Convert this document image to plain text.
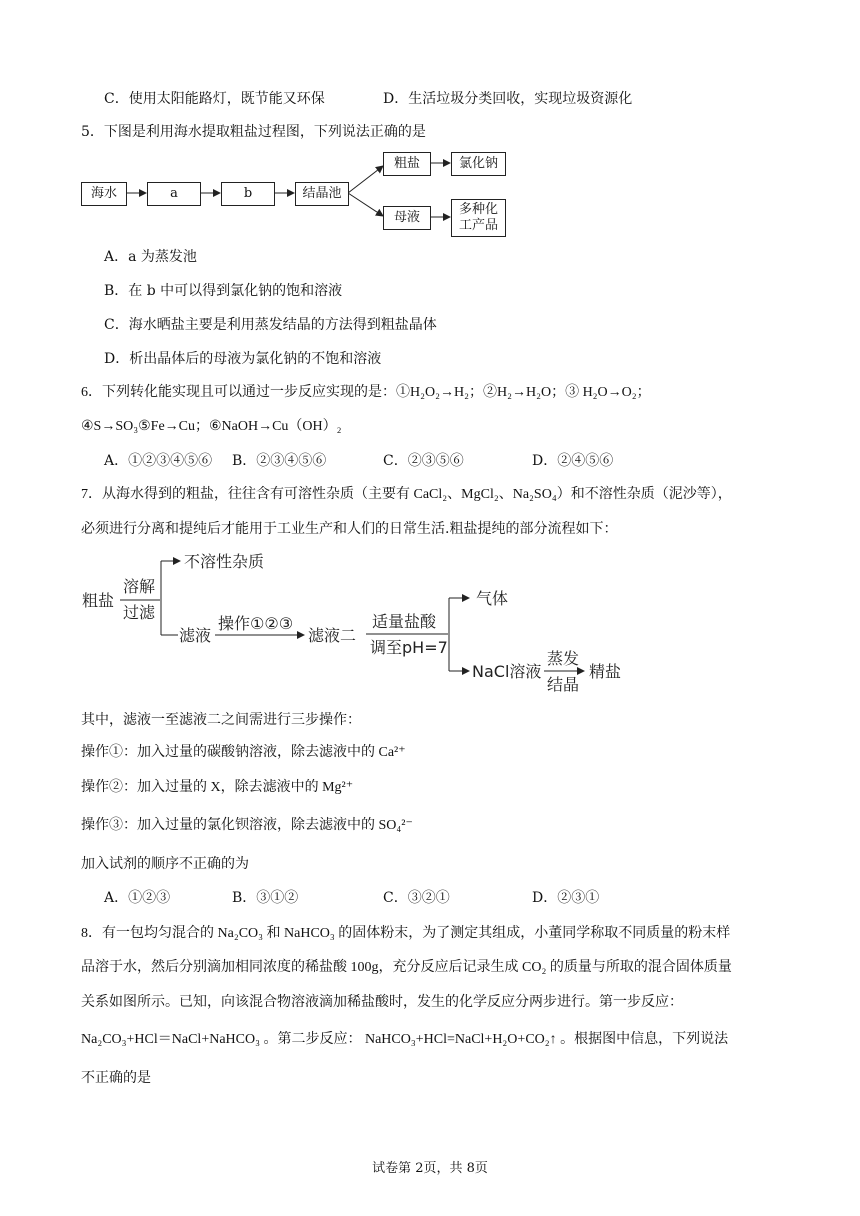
C．使用太阳能路灯，既节能又环保	D．生活垃圾分类回收，实现垃圾资源化
5．下图是利用海水提取粗盐过程图，下列说法正确的是
海水	a	b	结晶池
粗盐	氯化钠
母液
多种化
工产品
A．a 为蒸发池
B．在 b 中可以得到氯化钠的饱和溶液
C．海水晒盐主要是利用蒸发结晶的方法得到粗盐晶体
D．析出晶体后的母液为氯化钠的不饱和溶液
6．下列转化能实现且可以通过一步反应实现的是：①H₂O₂→H₂；②H₂→H₂O；③ H₂O→O₂；
④S→SO₃⑤Fe→Cu；⑥NaOH→Cu（OH）₂
A．①②③④⑤⑥ B．②③④⑤⑥	C．②③⑤⑥	D．②④⑤⑥
7．从海水得到的粗盐，往往含有可溶性杂质（主要有 CaCl₂、MgCl₂、Na₂SO₄）和不溶性杂质（泥沙等），
必须进行分离和提纯后才能用于工业生产和人们的日常生活.粗盐提纯的部分流程如下：
粗盐
溶解
过滤
不溶性杂质
滤液
操作①②③
滤液二
适量盐酸
调至pH=7
气体
NaCl溶液
蒸发
结晶
精盐
其中，滤液一至滤液二之间需进行三步操作：
操作①：加入过量的碳酸钠溶液，除去滤液中的 Ca²⁺
操作②：加入过量的 X，除去滤液中的 Mg²⁺
操作③：加入过量的氯化钡溶液，除去滤液中的 SO₄²⁻
加入试剂的顺序不正确的为
A．①②③	B．③①②	C．③②①	D．②③①
8．有一包均匀混合的 Na₂CO₃ 和 NaHCO₃ 的固体粉末，为了测定其组成，小董同学称取不同质量的粉末样
品溶于水，然后分别滴加相同浓度的稀盐酸 100g，充分反应后记录生成 CO₂ 的质量与所取的混合固体质量
关系如图所示。已知，向该混合物溶液滴加稀盐酸时，发生的化学反应分两步进行。第一步反应：
Na₂CO₃+HCl＝NaCl+NaHCO₃ 。第二步反应： NaHCO₃+HCl=NaCl+H₂O+CO₂↑ 。根据图中信息，下列说法
不正确的是
试卷第 2页，共 8页
